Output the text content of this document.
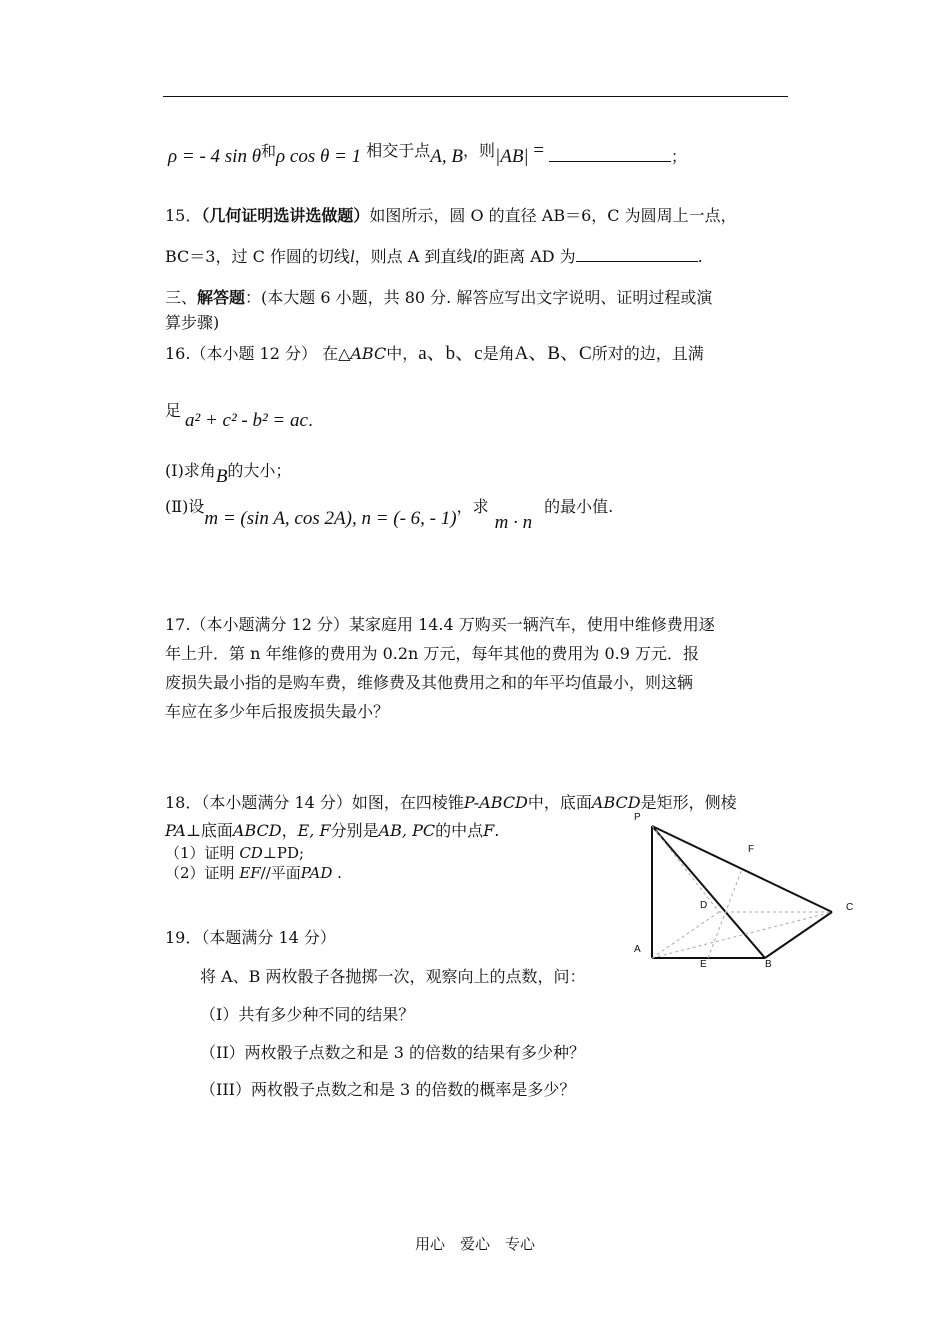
ρ = - 4 sin θ和ρ cos θ = 1 相交于点A, B，则|AB| =	；
15．（几何证明选讲选做题）如图所示，圆 O 的直径 AB＝6，C 为圆周上一点，
BC＝3，过 C 作圆的切线l，则点 A 到直线l的距离 AD 为	.
三、解答题：(本大题 6 小题，共 80 分. 解答应写出文字说明、证明过程或演
算步骤)
16.（本小题 12 分） 在△ABC中，a、b、c是角A、B、C所对的边，且满
足 a² + c² - b² = ac.
(Ⅰ)求角B的大小；
(Ⅱ)设m = (sin A, cos 2A), n = (- 6, - 1)，求m · n的最小值.
17.（本小题满分 12 分）某家庭用 14.4 万购买一辆汽车，使用中维修费用逐
年上升．第 n 年维修的费用为 0.2n 万元，每年其他的费用为 0.9 万元．报
废损失最小指的是购车费，维修费及其他费用之和的年平均值最小，则这辆
车应在多少年后报废损失最小？
18．（本小题满分 14 分）如图，在四棱锥P-ABCD中，底面ABCD是矩形，侧棱
PA⊥底面ABCD，E, F分别是AB, PC的中点F.
（1）证明 CD⊥PD;
（2）证明 EF//平面PAD .
P
F
D	C
A
E	B
19．（本题满分 14 分）
将 A、B 两枚骰子各抛掷一次，观察向上的点数，问：
（I）共有多少种不同的结果？
（II）两枚骰子点数之和是 3 的倍数的结果有多少种？
（III）两枚骰子点数之和是 3 的倍数的概率是多少？
用心　爱心　专心
